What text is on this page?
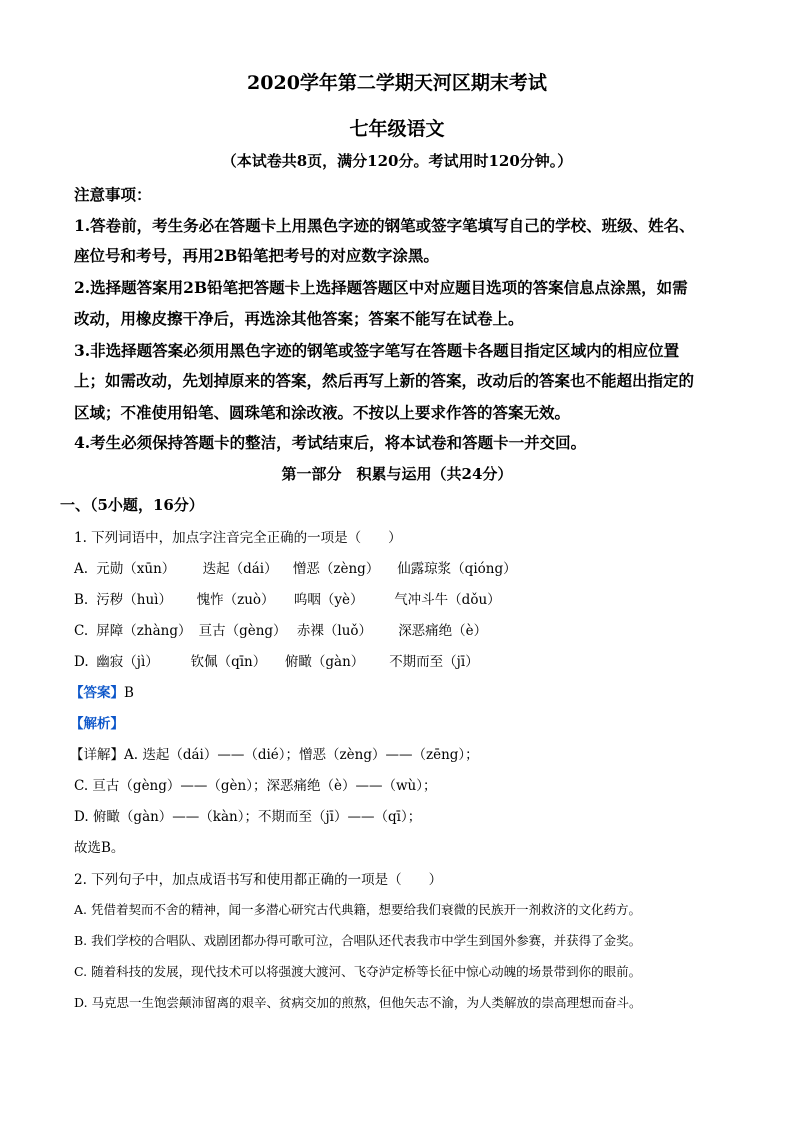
2020学年第二学期天河区期末考试
七年级语文
（本试卷共8页，满分120分。考试用时120分钟。）
注意事项：
1.答卷前，考生务必在答题卡上用黑色字迹的钢笔或签字笔填写自己的学校、班级、姓名、
座位号和考号，再用2B铅笔把考号的对应数字涂黑。
2.选择题答案用2B铅笔把答题卡上选择题答题区中对应题目选项的答案信息点涂黑，如需
改动，用橡皮擦干净后，再选涂其他答案；答案不能写在试卷上。
3.非选择题答案必须用黑色字迹的钢笔或签字笔写在答题卡各题目指定区域内的相应位置
上；如需改动，先划掉原来的答案，然后再写上新的答案，改动后的答案也不能超出指定的
区域；不准使用铅笔、圆珠笔和涂改液。不按以上要求作答的答案无效。
4.考生必须保持答题卡的整洁，考试结束后，将本试卷和答题卡一并交回。
第一部分　积累与运用（共24分）
一、（5小题，16分）
1. 下列词语中，加点字注音完全正确的一项是（　　）
A. 元勋（xūn） 迭起（dái） 憎恶（zèng） 仙露琼浆（qióng）
B. 污秽（huì） 愧怍（zuò） 呜咽（yè） 气冲斗牛（dǒu）
C. 屏障（zhàng） 亘古（gèng） 赤裸（luǒ） 深恶痛绝（è）
D. 幽寂（jì） 钦佩（qīn） 俯瞰（gàn） 不期而至（jī）
【答案】B
【解析】
【详解】A. 迭起（dái）——（dié）；憎恶（zèng）——（zēng）；
C. 亘古（gèng）——（gèn）；深恶痛绝（è）——（wù）；
D. 俯瞰（gàn）——（kàn）；不期而至（jī）——（qī）；
故选B。
2. 下列句子中，加点成语书写和使用都正确的一项是（　　）
A. 凭借着契而不舍的精神，闻一多潜心研究古代典籍，想要给我们衰微的民族开一剂救济的文化药方。
B. 我们学校的合唱队、戏剧团都办得可歌可泣，合唱队还代表我市中学生到国外参赛，并获得了金奖。
C. 随着科技的发展，现代技术可以将强渡大渡河、飞夺泸定桥等长征中惊心动魄的场景带到你的眼前。
D. 马克思一生饱尝颠沛留离的艰辛、贫病交加的煎熬，但他矢志不渝，为人类解放的崇高理想而奋斗。
